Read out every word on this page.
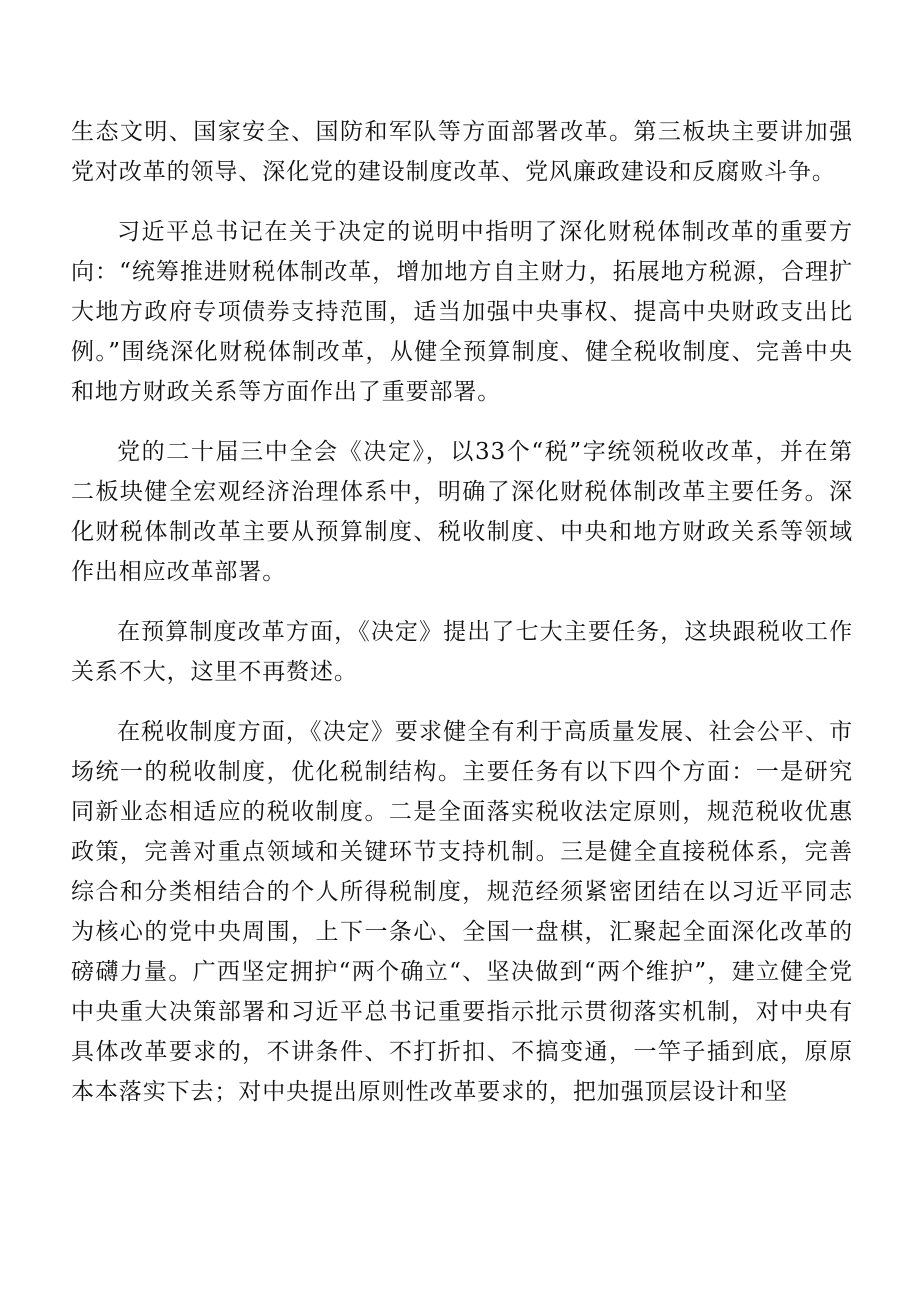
生态文明、国家安全、国防和军队等方面部署改革。第三板块主要讲加强党对改革的领导、深化党的建设制度改革、党风廉政建设和反腐败斗争。

习近平总书记在关于决定的说明中指明了深化财税体制改革的重要方向：“统筹推进财税体制改革，增加地方自主财力，拓展地方税源，合理扩大地方政府专项债券支持范围，适当加强中央事权、提高中央财政支出比例。”围绕深化财税体制改革，从健全预算制度、健全税收制度、完善中央和地方财政关系等方面作出了重要部署。

党的二十届三中全会《决定》，以33个“税”字统领税收改革，并在第二板块健全宏观经济治理体系中，明确了深化财税体制改革主要任务。深化财税体制改革主要从预算制度、税收制度、中央和地方财政关系等领域作出相应改革部署。

在预算制度改革方面，《决定》提出了七大主要任务，这块跟税收工作关系不大，这里不再赘述。

在税收制度方面，《决定》要求健全有利于高质量发展、社会公平、市场统一的税收制度，优化税制结构。主要任务有以下四个方面：一是研究同新业态相适应的税收制度。二是全面落实税收法定原则，规范税收优惠政策，完善对重点领域和关键环节支持机制。三是健全直接税体系，完善综合和分类相结合的个人所得税制度，规范经须紧密团结在以习近平同志为核心的党中央周围，上下一条心、全国一盘棋，汇聚起全面深化改革的磅礴力量。广西坚定拥护“两个确立“、坚决做到“两个维护”，建立健全党中央重大决策部署和习近平总书记重要指示批示贯彻落实机制，对中央有具体改革要求的，不讲条件、不打折扣、不搞变通，一竿子插到底，原原本本落实下去；对中央提出原则性改革要求的，把加强顶层设计和坚
